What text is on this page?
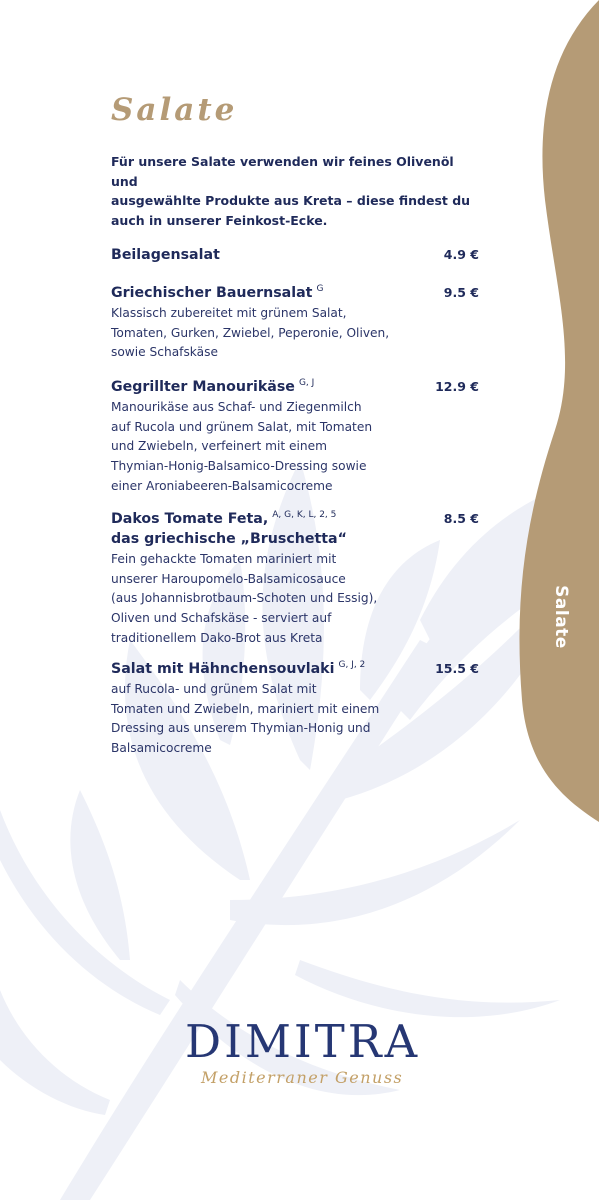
Salate
Salate
Für unsere Salate verwenden wir feines Olivenöl und
ausgewählte Produkte aus Kreta – diese findest du
auch in unserer Feinkost-Ecke.
Beilagensalat	4.9 €
Griechischer Bauernsalat $^G$	9.5 €
Klassisch zubereitet mit grünem Salat,
Tomaten, Gurken, Zwiebel, Peperonie, Oliven,
sowie Schafskäse
Gegrillter Manourikäse $^{G, J}$	12.9 €
Manourikäse aus Schaf- und Ziegenmilch
auf Rucola und grünem Salat, mit Tomaten
und Zwiebeln, verfeinert mit einem
Thymian-Honig-Balsamico-Dressing sowie
einer Aroniabeeren-Balsamicocreme
Dakos Tomate Feta, $^{A, G, K, L, 2, 5}$	8.5 €
das griechische „Bruschetta“
Fein gehackte Tomaten mariniert mit
unserer Haroupomelo-Balsamicosauce
(aus Johannisbrotbaum-Schoten und Essig),
Oliven und Schafskäse - serviert auf
traditionellem Dako-Brot aus Kreta
Salat mit Hähnchensouvlaki $^{G, J, 2}$	15.5 €
auf Rucola- und grünem Salat mit
Tomaten und Zwiebeln, mariniert mit einem
Dressing aus unserem Thymian-Honig und
Balsamicocreme
DIMITRA
Mediterraner Genuss
